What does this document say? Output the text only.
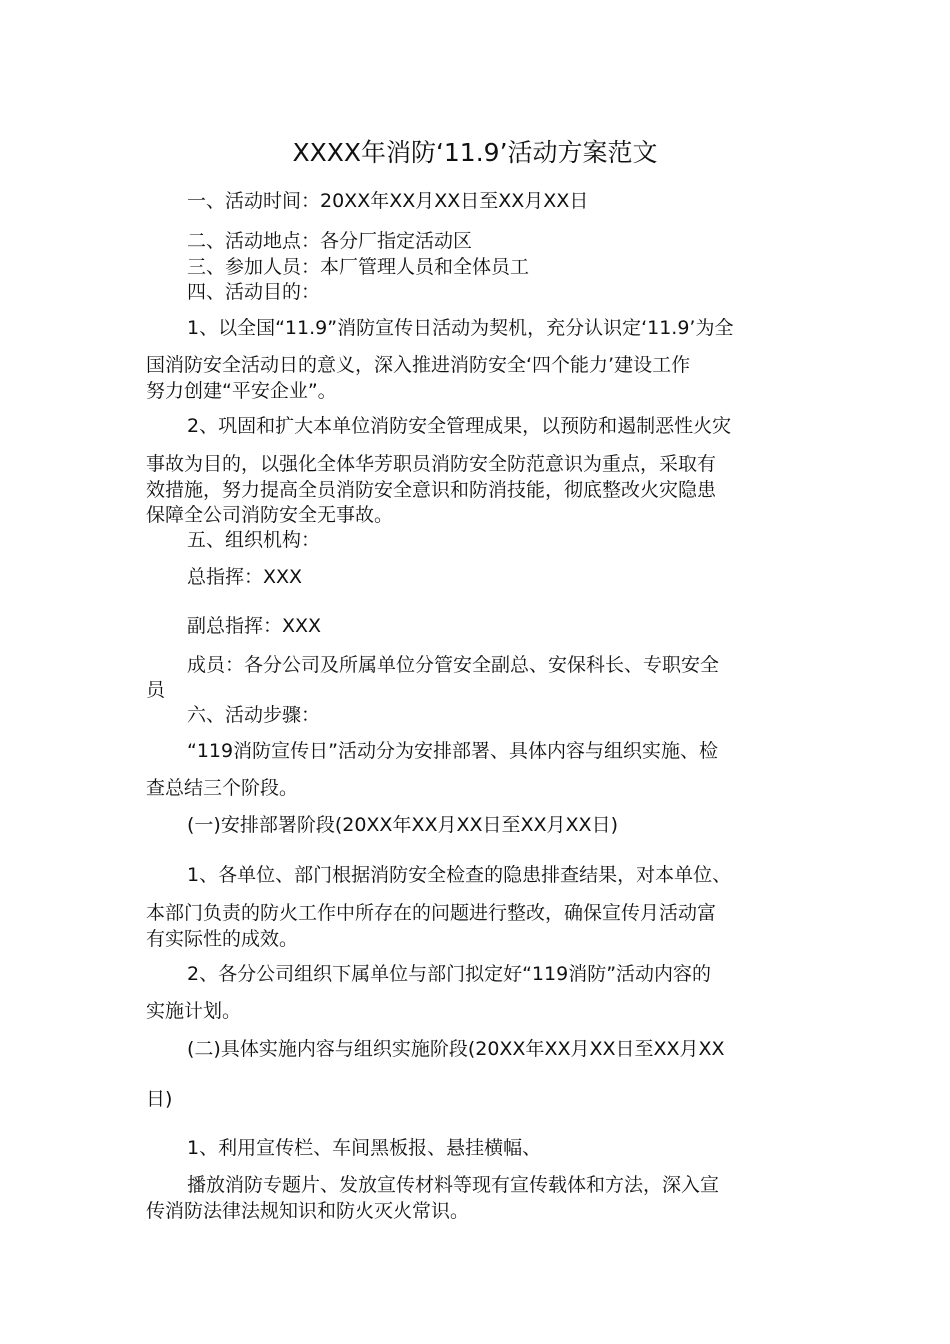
XXXX年消防‘11.9’活动方案范文
一、活动时间：20XX年XX月XX日至XX月XX日
二、活动地点：各分厂指定活动区
三、参加人员：本厂管理人员和全体员工
四、活动目的：
1、以全国“11.9”消防宣传日活动为契机，充分认识定‘11.9’为全
国消防安全活动日的意义，深入推进消防安全‘四个能力’建设工作
努力创建“平安企业”。
2、巩固和扩大本单位消防安全管理成果，以预防和遏制恶性火灾
事故为目的，以强化全体华芳职员消防安全防范意识为重点，采取有
效措施，努力提高全员消防安全意识和防消技能，彻底整改火灾隐患
保障全公司消防安全无事故。
五、组织机构：
总指挥：XXX
副总指挥：XXX
成员：各分公司及所属单位分管安全副总、安保科长、专职安全
员
六、活动步骤：
“119消防宣传日”活动分为安排部署、具体内容与组织实施、检
查总结三个阶段。
(一)安排部署阶段(20XX年XX月XX日至XX月XX日)
1、各单位、部门根据消防安全检查的隐患排查结果，对本单位、
本部门负责的防火工作中所存在的问题进行整改，确保宣传月活动富
有实际性的成效。
2、各分公司组织下属单位与部门拟定好“119消防”活动内容的
实施计划。
(二)具体实施内容与组织实施阶段(20XX年XX月XX日至XX月XX
日)
1、利用宣传栏、车间黑板报、悬挂横幅、
播放消防专题片、发放宣传材料等现有宣传载体和方法，深入宣
传消防法律法规知识和防火灭火常识。
